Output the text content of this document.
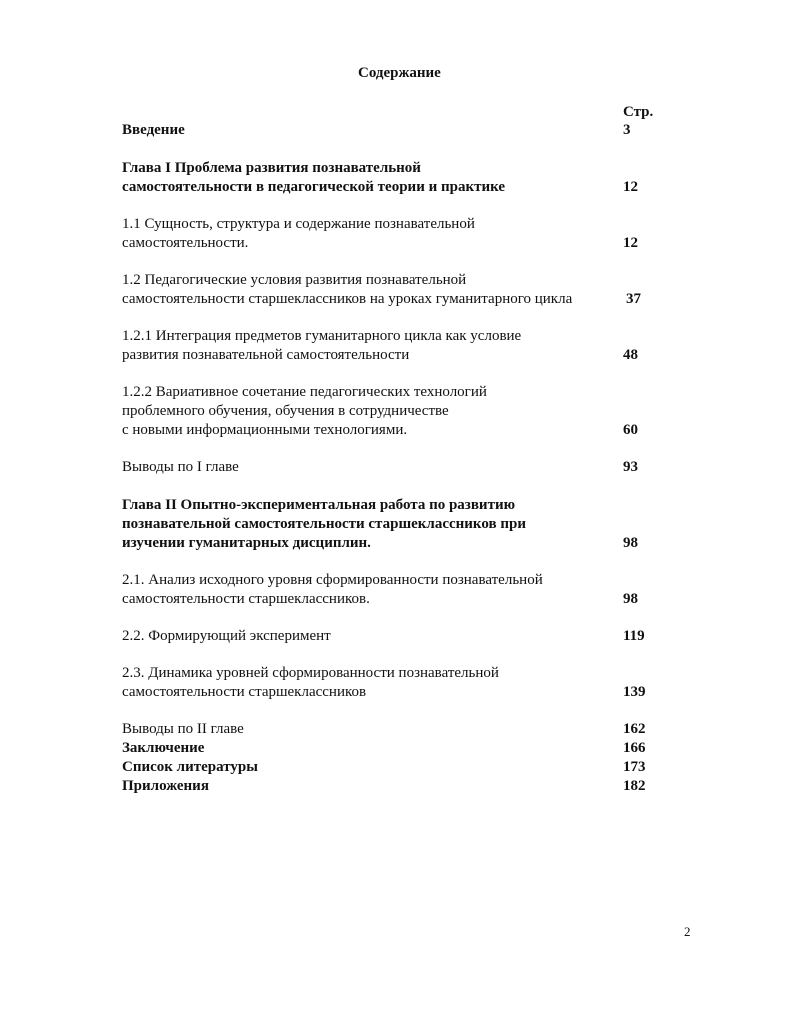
Содержание
Стр.
Введение	3
Глава I Проблема развития познавательной
самостоятельности в педагогической теории и практике	12
1.1 Сущность, структура и содержание познавательной
самостоятельности.	12
1.2 Педагогические условия развития познавательной
самостоятельности старшеклассников на уроках гуманитарного цикла	37
1.2.1 Интеграция предметов гуманитарного цикла как условие
развития познавательной самостоятельности	48
1.2.2 Вариативное сочетание педагогических технологий
проблемного обучения, обучения в сотрудничестве
с новыми информационными технологиями.	60
Выводы по I главе	93
Глава II Опытно-экспериментальная работа по развитию
познавательной самостоятельности старшеклассников при
изучении гуманитарных дисциплин.	98
2.1. Анализ исходного уровня сформированности познавательной
самостоятельности старшеклассников.	98
2.2. Формирующий эксперимент	119
2.3. Динамика уровней сформированности познавательной
самостоятельности старшеклассников	139
Выводы по II главе	162
Заключение	166
Список литературы	173
Приложения	182
2
